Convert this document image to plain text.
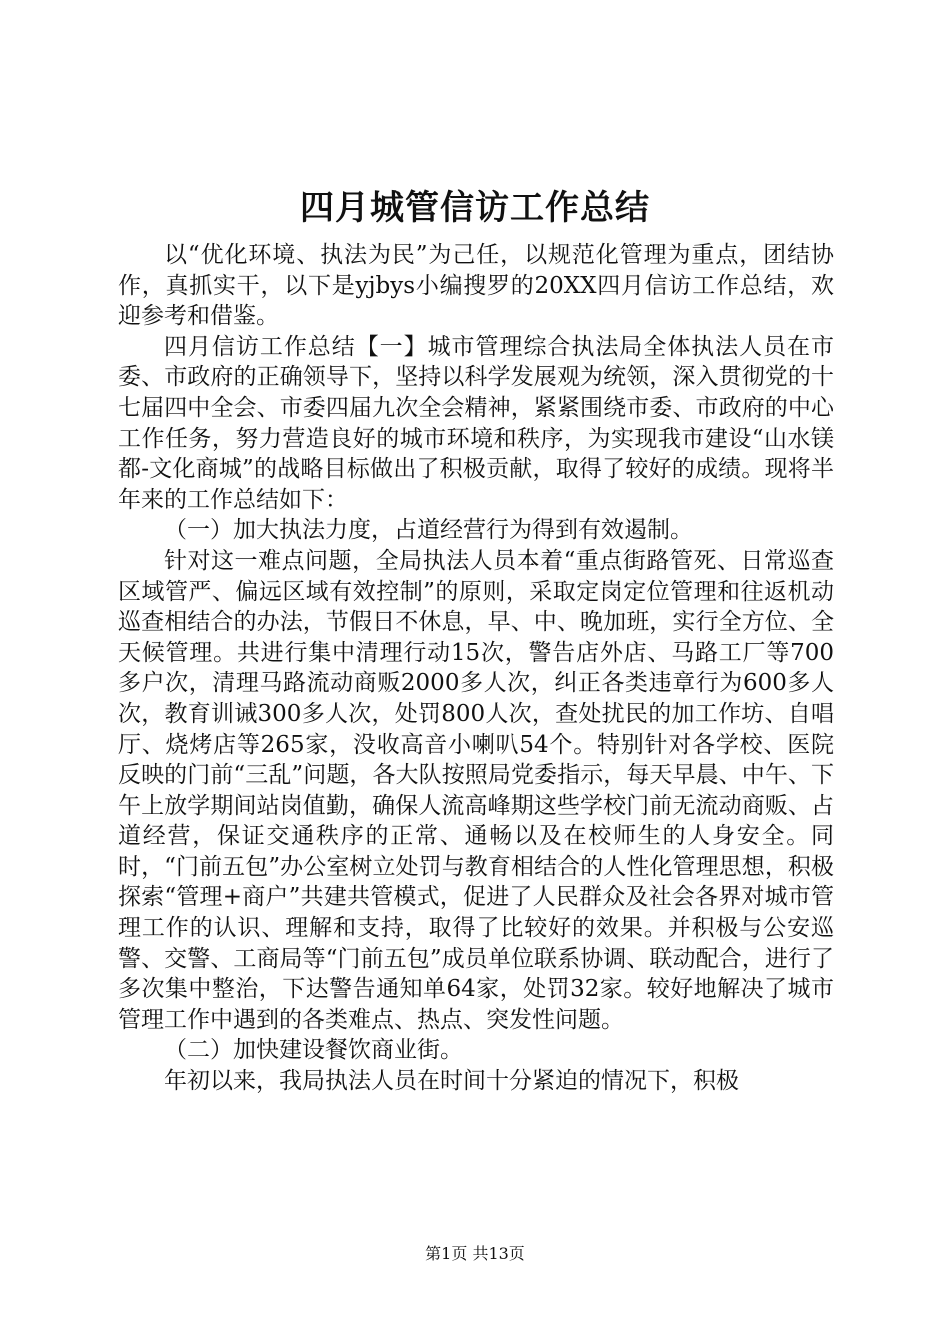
四月城管信访工作总结

以“优化环境、执法为民”为己任，以规范化管理为重点，团结协作，真抓实干，以下是yjbys小编搜罗的20XX四月信访工作总结，欢迎参考和借鉴。

四月信访工作总结【一】城市管理综合执法局全体执法人员在市委、市政府的正确领导下，坚持以科学发展观为统领，深入贯彻党的十七届四中全会、市委四届九次全会精神，紧紧围绕市委、市政府的中心工作任务，努力营造良好的城市环境和秩序，为实现我市建设“山水镁都-文化商城”的战略目标做出了积极贡献，取得了较好的成绩。现将半年来的工作总结如下：

（一）加大执法力度，占道经营行为得到有效遏制。

针对这一难点问题，全局执法人员本着“重点街路管死、日常巡查区域管严、偏远区域有效控制”的原则，采取定岗定位管理和往返机动巡查相结合的办法，节假日不休息，早、中、晚加班，实行全方位、全天候管理。共进行集中清理行动15次，警告店外店、马路工厂等700多户次，清理马路流动商贩2000多人次，纠正各类违章行为600多人次，教育训诫300多人次，处罚800人次，查处扰民的加工作坊、自唱厅、烧烤店等265家，没收高音小喇叭54个。特别针对各学校、医院反映的门前“三乱”问题，各大队按照局党委指示，每天早晨、中午、下午上放学期间站岗值勤，确保人流高峰期这些学校门前无流动商贩、占道经营，保证交通秩序的正常、通畅以及在校师生的人身安全。同时，“门前五包”办公室树立处罚与教育相结合的人性化管理思想，积极探索“管理+商户”共建共管模式，促进了人民群众及社会各界对城市管理工作的认识、理解和支持，取得了比较好的效果。并积极与公安巡警、交警、工商局等“门前五包”成员单位联系协调、联动配合，进行了多次集中整治，下达警告通知单64家，处罚32家。较好地解决了城市管理工作中遇到的各类难点、热点、突发性问题。

（二）加快建设餐饮商业街。

年初以来，我局执法人员在时间十分紧迫的情况下，积极

第1页 共13页
